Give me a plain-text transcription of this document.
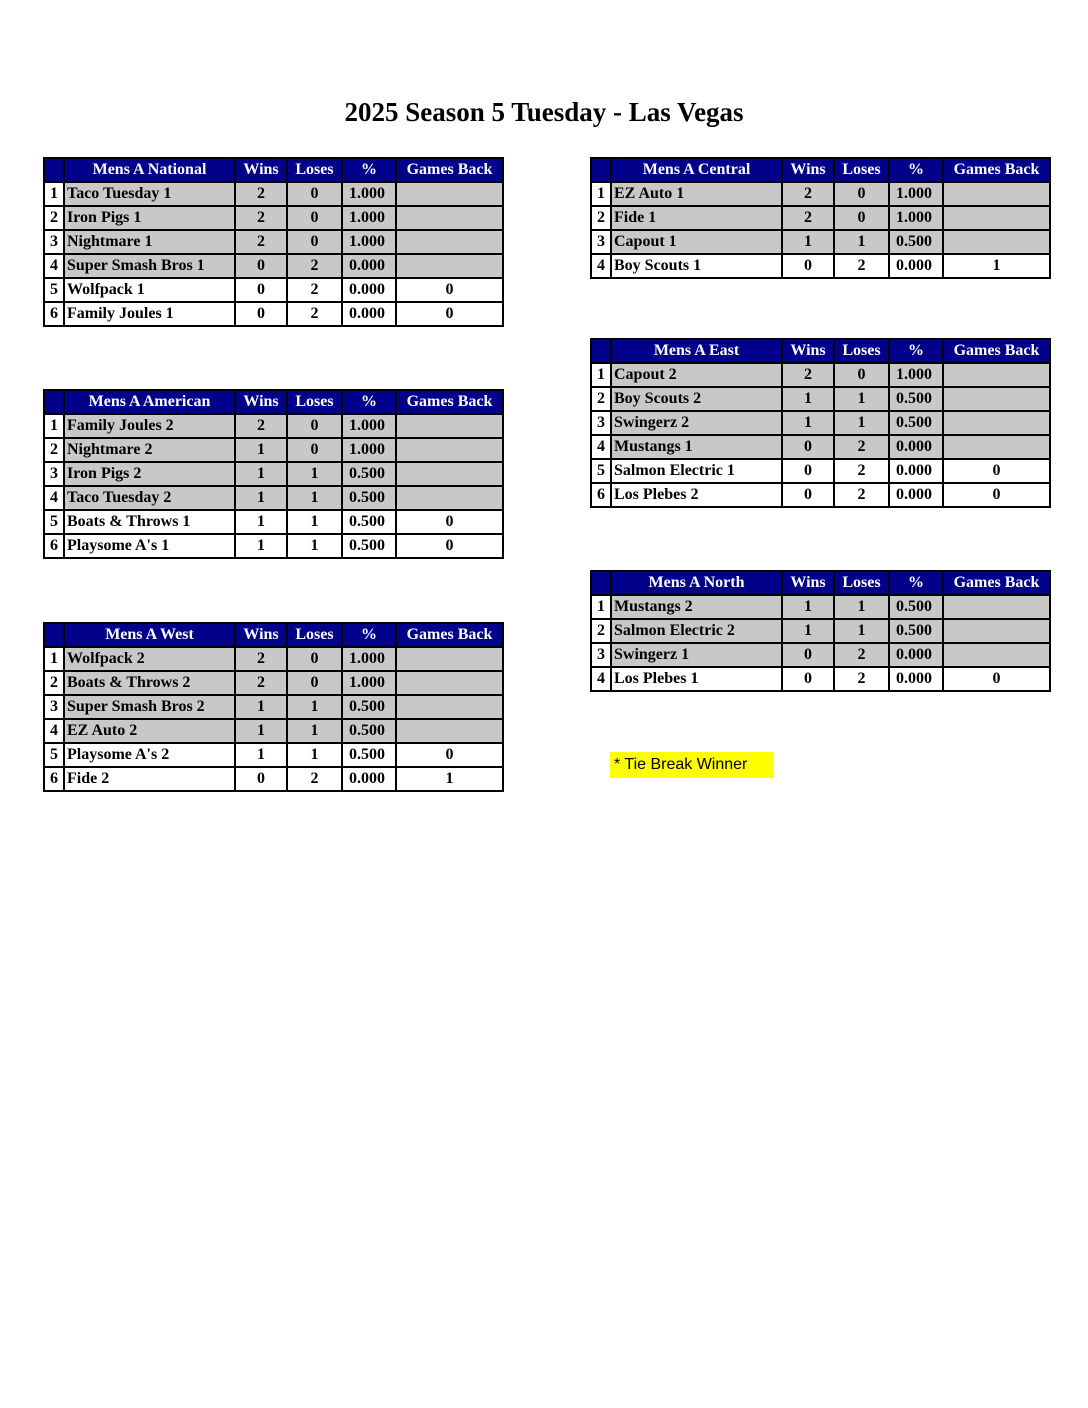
2025 Season 5 Tuesday - Las Vegas
	Mens A National	Wins	Loses	%	Games Back
1	Taco Tuesday 1	2	0	1.000	
2	Iron Pigs 1	2	0	1.000	
3	Nightmare 1	2	0	1.000	
4	Super Smash Bros 1	0	2	0.000	
5	Wolfpack 1	0	2	0.000	0
6	Family Joules 1	0	2	0.000	0
	Mens A American	Wins	Loses	%	Games Back
1	Family Joules 2	2	0	1.000	
2	Nightmare 2	1	0	1.000	
3	Iron Pigs 2	1	1	0.500	
4	Taco Tuesday 2	1	1	0.500	
5	Boats & Throws 1	1	1	0.500	0
6	Playsome A's 1	1	1	0.500	0
	Mens A West	Wins	Loses	%	Games Back
1	Wolfpack 2	2	0	1.000	
2	Boats & Throws 2	2	0	1.000	
3	Super Smash Bros 2	1	1	0.500	
4	EZ Auto 2	1	1	0.500	
5	Playsome A's 2	1	1	0.500	0
6	Fide 2	0	2	0.000	1
	Mens A Central	Wins	Loses	%	Games Back
1	EZ Auto 1	2	0	1.000	
2	Fide 1	2	0	1.000	
3	Capout 1	1	1	0.500	
4	Boy Scouts 1	0	2	0.000	1
	Mens A East	Wins	Loses	%	Games Back
1	Capout 2	2	0	1.000	
2	Boy Scouts 2	1	1	0.500	
3	Swingerz 2	1	1	0.500	
4	Mustangs 1	0	2	0.000	
5	Salmon Electric 1	0	2	0.000	0
6	Los Plebes 2	0	2	0.000	0
	Mens A North	Wins	Loses	%	Games Back
1	Mustangs 2	1	1	0.500	
2	Salmon Electric 2	1	1	0.500	
3	Swingerz 1	0	2	0.000	
4	Los Plebes 1	0	2	0.000	0
* Tie Break Winner
